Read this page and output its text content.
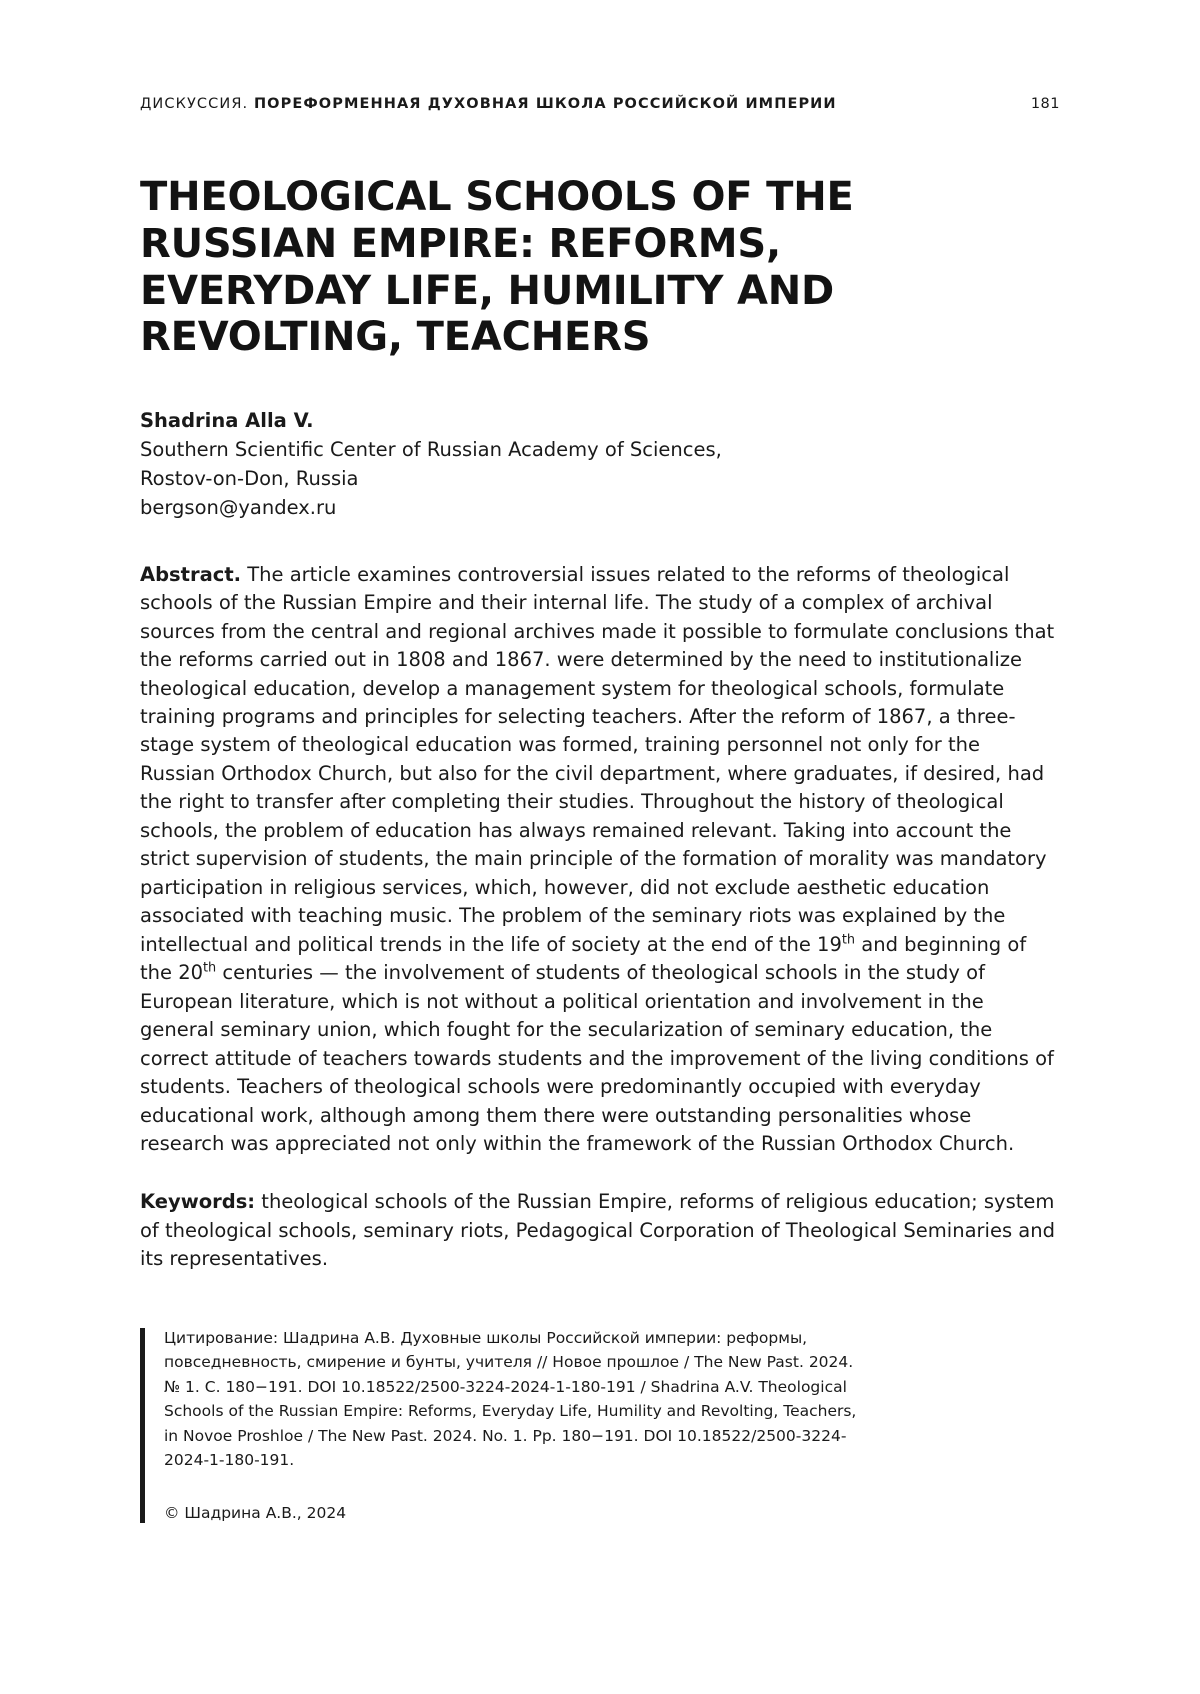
ДИСКУССИЯ. ПОРЕФОРМЕННАЯ ДУХОВНАЯ ШКОЛА РОССИЙСКОЙ ИМПЕРИИ	181
THEOLOGICAL SCHOOLS OF THE RUSSIAN EMPIRE: REFORMS, EVERYDAY LIFE, HUMILITY AND REVOLTING, TEACHERS
Shadrina Alla V.
Southern Scientific Center of Russian Academy of Sciences,
Rostov-on-Don, Russia
bergson@yandex.ru

Abstract. The article examines controversial issues related to the reforms of theological schools of the Russian Empire and their internal life. The study of a complex of archival sources from the central and regional archives made it possible to formulate conclusions that the reforms carried out in 1808 and 1867. were determined by the need to institutionalize theological education, develop a management system for theological schools, formulate training programs and principles for selecting teachers. After the reform of 1867, a three-stage system of theological education was formed, training personnel not only for the Russian Orthodox Church, but also for the civil department, where graduates, if desired, had the right to transfer after completing their studies. Throughout the history of theological schools, the problem of education has always remained relevant. Taking into account the strict supervision of students, the main principle of the formation of morality was mandatory participation in religious services, which, however, did not exclude aesthetic education associated with teaching music. The problem of the seminary riots was explained by the intellectual and political trends in the life of society at the end of the 19th and beginning of the 20th centuries — the involvement of students of theological schools in the study of European literature, which is not without a political orientation and involvement in the general seminary union, which fought for the secularization of seminary education, the correct attitude of teachers towards students and the improvement of the living conditions of students. Teachers of theological schools were predominantly occupied with everyday educational work, although among them there were outstanding personalities whose research was appreciated not only within the framework of the Russian Orthodox Church.

Keywords: theological schools of the Russian Empire, reforms of religious education; system of theological schools, seminary riots, Pedagogical Corporation of Theological Seminaries and its representatives.

Цитирование: Шадрина А.В. Духовные школы Российской империи: реформы, повседневность, смирение и бунты, учителя // Новое прошлое / The New Past. 2024. № 1. С. 180−191. DOI 10.18522/2500-3224-2024-1-180-191 / Shadrina A.V. Theological Schools of the Russian Empire: Reforms, Everyday Life, Humility and Revolting, Teachers, in Novoe Proshloe / The New Past. 2024. No. 1. Pp. 180−191. DOI 10.18522/2500-3224-2024-1-180-191.
© Шадрина А.В., 2024
